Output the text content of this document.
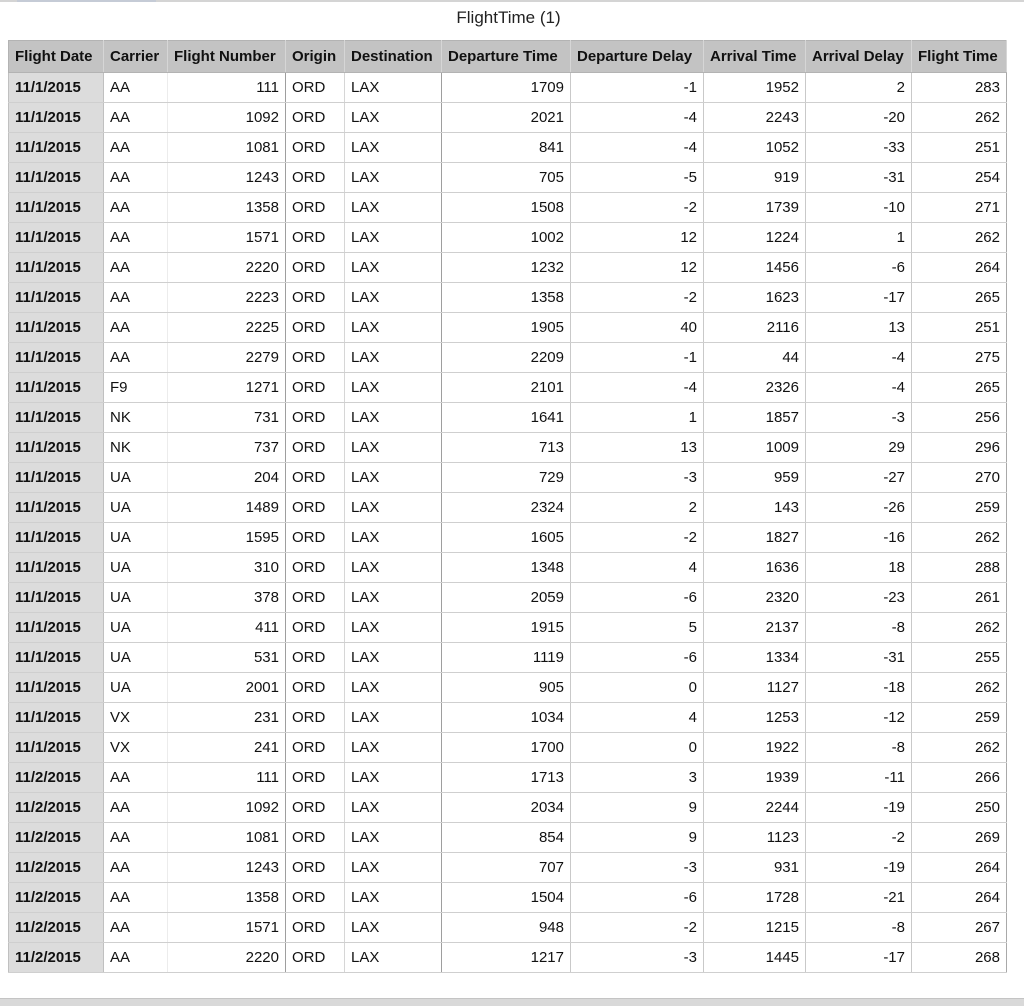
FlightTime (1)
Flight Date	Carrier	Flight Number	Origin	Destination	Departure Time	Departure Delay	Arrival Time	Arrival Delay	Flight Time
11/1/2015	AA	111	ORD	LAX	1709	-1	1952	2	283
11/1/2015	AA	1092	ORD	LAX	2021	-4	2243	-20	262
11/1/2015	AA	1081	ORD	LAX	841	-4	1052	-33	251
11/1/2015	AA	1243	ORD	LAX	705	-5	919	-31	254
11/1/2015	AA	1358	ORD	LAX	1508	-2	1739	-10	271
11/1/2015	AA	1571	ORD	LAX	1002	12	1224	1	262
11/1/2015	AA	2220	ORD	LAX	1232	12	1456	-6	264
11/1/2015	AA	2223	ORD	LAX	1358	-2	1623	-17	265
11/1/2015	AA	2225	ORD	LAX	1905	40	2116	13	251
11/1/2015	AA	2279	ORD	LAX	2209	-1	44	-4	275
11/1/2015	F9	1271	ORD	LAX	2101	-4	2326	-4	265
11/1/2015	NK	731	ORD	LAX	1641	1	1857	-3	256
11/1/2015	NK	737	ORD	LAX	713	13	1009	29	296
11/1/2015	UA	204	ORD	LAX	729	-3	959	-27	270
11/1/2015	UA	1489	ORD	LAX	2324	2	143	-26	259
11/1/2015	UA	1595	ORD	LAX	1605	-2	1827	-16	262
11/1/2015	UA	310	ORD	LAX	1348	4	1636	18	288
11/1/2015	UA	378	ORD	LAX	2059	-6	2320	-23	261
11/1/2015	UA	411	ORD	LAX	1915	5	2137	-8	262
11/1/2015	UA	531	ORD	LAX	1119	-6	1334	-31	255
11/1/2015	UA	2001	ORD	LAX	905	0	1127	-18	262
11/1/2015	VX	231	ORD	LAX	1034	4	1253	-12	259
11/1/2015	VX	241	ORD	LAX	1700	0	1922	-8	262
11/2/2015	AA	111	ORD	LAX	1713	3	1939	-11	266
11/2/2015	AA	1092	ORD	LAX	2034	9	2244	-19	250
11/2/2015	AA	1081	ORD	LAX	854	9	1123	-2	269
11/2/2015	AA	1243	ORD	LAX	707	-3	931	-19	264
11/2/2015	AA	1358	ORD	LAX	1504	-6	1728	-21	264
11/2/2015	AA	1571	ORD	LAX	948	-2	1215	-8	267
11/2/2015	AA	2220	ORD	LAX	1217	-3	1445	-17	268
